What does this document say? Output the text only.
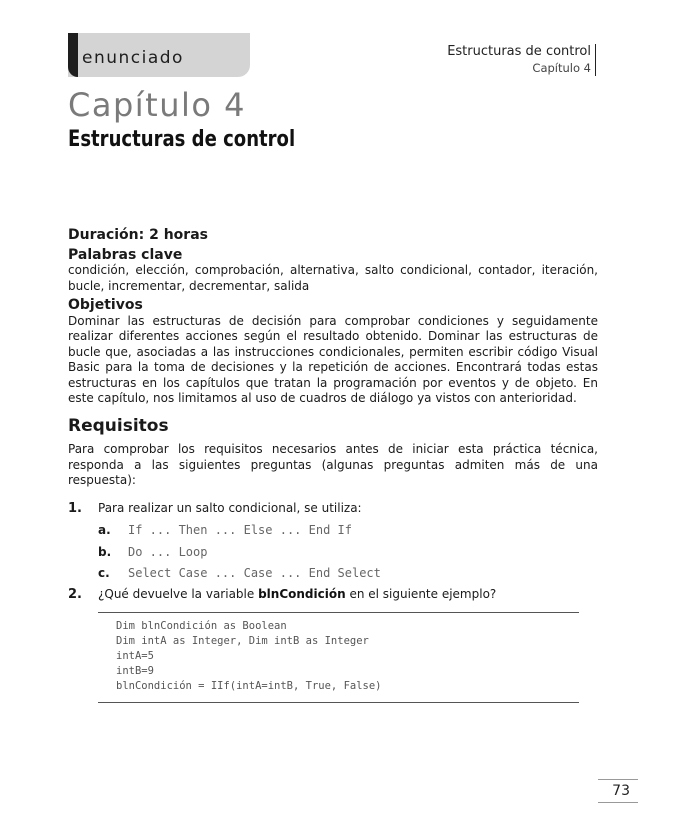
enunciado	Estructuras de control
Capítulo 4
Capítulo 4
Estructuras de control
Duración: 2 horas
Palabras clave

condición, elección, comprobación, alternativa, salto condicional, contador, iteración, bucle, incrementar, decrementar, salida

Objetivos

Dominar las estructuras de decisión para comprobar condiciones y seguidamente realizar diferentes acciones según el resultado obtenido. Dominar las estructuras de bucle que, asociadas a las instrucciones condicionales, permiten escribir código Visual Basic para la toma de decisiones y la repetición de acciones. Encontrará todas estas estructuras en los capítulos que tratan la programación por eventos y de objeto. En este capítulo, nos limitamos al uso de cuadros de diálogo ya vistos con anterioridad.

Requisitos

Para comprobar los requisitos necesarios antes de iniciar esta práctica técnica, responda a las siguientes preguntas (algunas preguntas admiten más de una respuesta):

1. Para realizar un salto condicional, se utiliza:
a. If ... Then ... Else ... End If
b. Do ... Loop
c. Select Case ... Case ... End Select
2. ¿Qué devuelve la variable blnCondición en el siguiente ejemplo?
Dim blnCondición as Boolean
Dim intA as Integer, Dim intB as Integer
intA=5
intB=9
blnCondición = IIf(intA=intB, True, False)
73
